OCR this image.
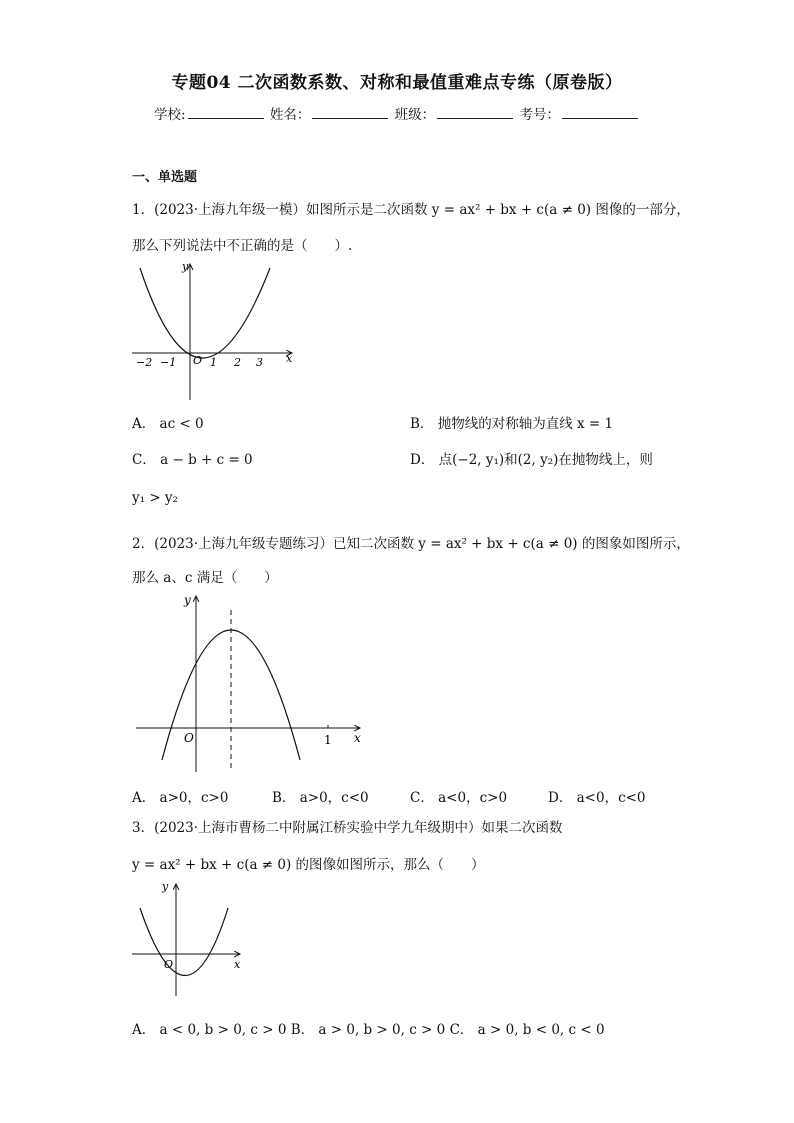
专题04 二次函数系数、对称和最值重难点专练（原卷版）
学校:	姓名：	班级：	考号：
一、单选题
1．(2023·上海九年级一模）如图所示是二次函数 y = ax² + bx + c(a ≠ 0) 图像的一部分，
那么下列说法中不正确的是（　　）.
y
x
O
−2 −1	1 2 3
A． ac < 0	B． 抛物线的对称轴为直线 x = 1
C． a − b + c = 0	D． 点(−2, y₁)和(2, y₂)在抛物线上，则
y₁ > y₂
2．(2023·上海九年级专题练习）已知二次函数 y = ax² + bx + c(a ≠ 0) 的图象如图所示，
那么 a、c 满足（　　）
y
x
O	1
A． a>0，c>0	B． a>0，c<0	C． a<0，c>0	D． a<0，c<0
3．(2023·上海市曹杨二中附属江桥实验中学九年级期中）如果二次函数
y = ax² + bx + c(a ≠ 0) 的图像如图所示，那么（　　）
y
x
O
A． a < 0, b > 0, c > 0 B． a > 0, b > 0, c > 0 C． a > 0, b < 0, c < 0
